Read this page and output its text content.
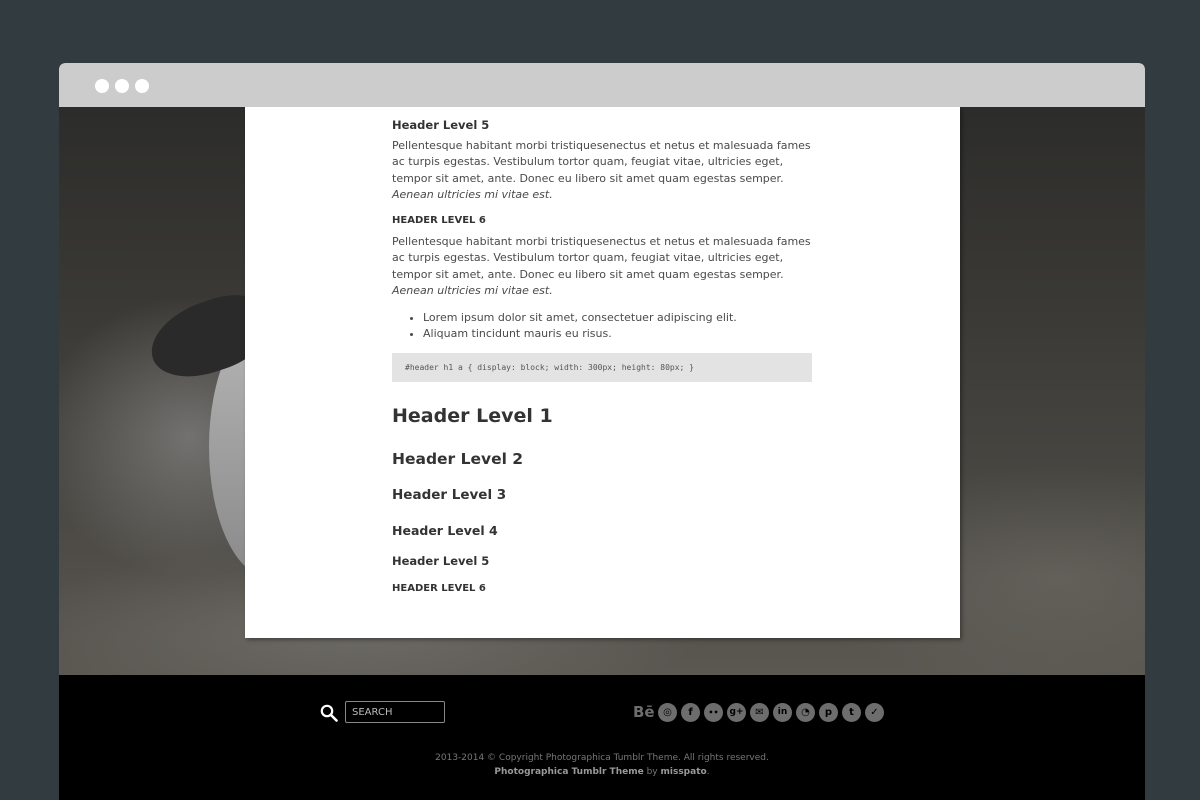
Header Level 5

Pellentesque habitant morbi tristiquesenectus et netus et malesuada fames ac turpis egestas. Vestibulum tortor quam, feugiat vitae, ultricies eget, tempor sit amet, ante. Donec eu libero sit amet quam egestas semper. Aenean ultricies mi vitae est.

HEADER LEVEL 6

Pellentesque habitant morbi tristiquesenectus et netus et malesuada fames ac turpis egestas. Vestibulum tortor quam, feugiat vitae, ultricies eget, tempor sit amet, ante. Donec eu libero sit amet quam egestas semper. Aenean ultricies mi vitae est.

• Lorem ipsum dolor sit amet, consectetuer adipiscing elit.
• Aliquam tincidunt mauris eu risus.
#header h1 a { display: block; width: 300px; height: 80px; }
Header Level 1
Header Level 2
Header Level 3
Header Level 4
Header Level 5
HEADER LEVEL 6
SEARCH
Bē ◎	f	••	g+	✉	in	◔	p	t	✓
2013-2014 © Copyright Photographica Tumblr Theme. All rights reserved.
Photographica Tumblr Theme by misspato.
